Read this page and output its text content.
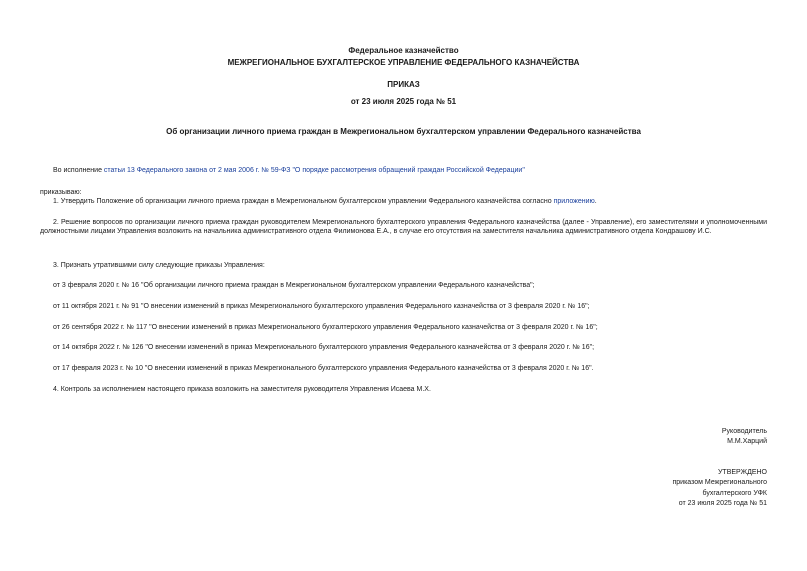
Федеральное казначейство

МЕЖРЕГИОНАЛЬНОЕ БУХГАЛТЕРСКОЕ УПРАВЛЕНИЕ ФЕДЕРАЛЬНОГО КАЗНАЧЕЙСТВА

ПРИКАЗ

от 23 июля 2025 года № 51

Об организации личного приема граждан в Межрегиональном бухгалтерском управлении Федерального казначейства

Во исполнение статьи 13 Федерального закона от 2 мая 2006 г. № 59-ФЗ "О порядке рассмотрения обращений граждан Российской Федерации"

приказываю:

1. Утвердить Положение об организации личного приема граждан в Межрегиональном бухгалтерском управлении Федерального казначейства согласно приложению.

2. Решение вопросов по организации личного приема граждан руководителем Межрегионального бухгалтерского управления Федерального казначейства (далее - Управление), его заместителями и уполномоченными должностными лицами Управления возложить на начальника административного отдела Филимонова Е.А., в случае его отсутствия на заместителя начальника административного отдела Кондрашову И.С.

3. Признать утратившими силу следующие приказы Управления:

от 3 февраля 2020 г. № 16 "Об организации личного приема граждан в Межрегиональном бухгалтерском управлении Федерального казначейства";

от 11 октября 2021 г. № 91 "О внесении изменений в приказ Межрегионального бухгалтерского управления Федерального казначейства от 3 февраля 2020 г. № 16";

от 26 сентября 2022 г. № 117 "О внесении изменений в приказ Межрегионального бухгалтерского управления Федерального казначейства от 3 февраля 2020 г. № 16";

от 14 октября 2022 г. № 126 "О внесении изменений в приказ Межрегионального бухгалтерского управления Федерального казначейства от 3 февраля 2020 г. № 16";

от 17 февраля 2023 г. № 10 "О внесении изменений в приказ Межрегионального бухгалтерского управления Федерального казначейства от 3 февраля 2020 г. № 16".

4. Контроль за исполнением настоящего приказа возложить на заместителя руководителя Управления Исаева М.Х.

Руководитель

М.М.Харций

УТВЕРЖДЕНО

приказом Межрегионального

бухгалтерского УФК

от 23 июля 2025 года № 51
